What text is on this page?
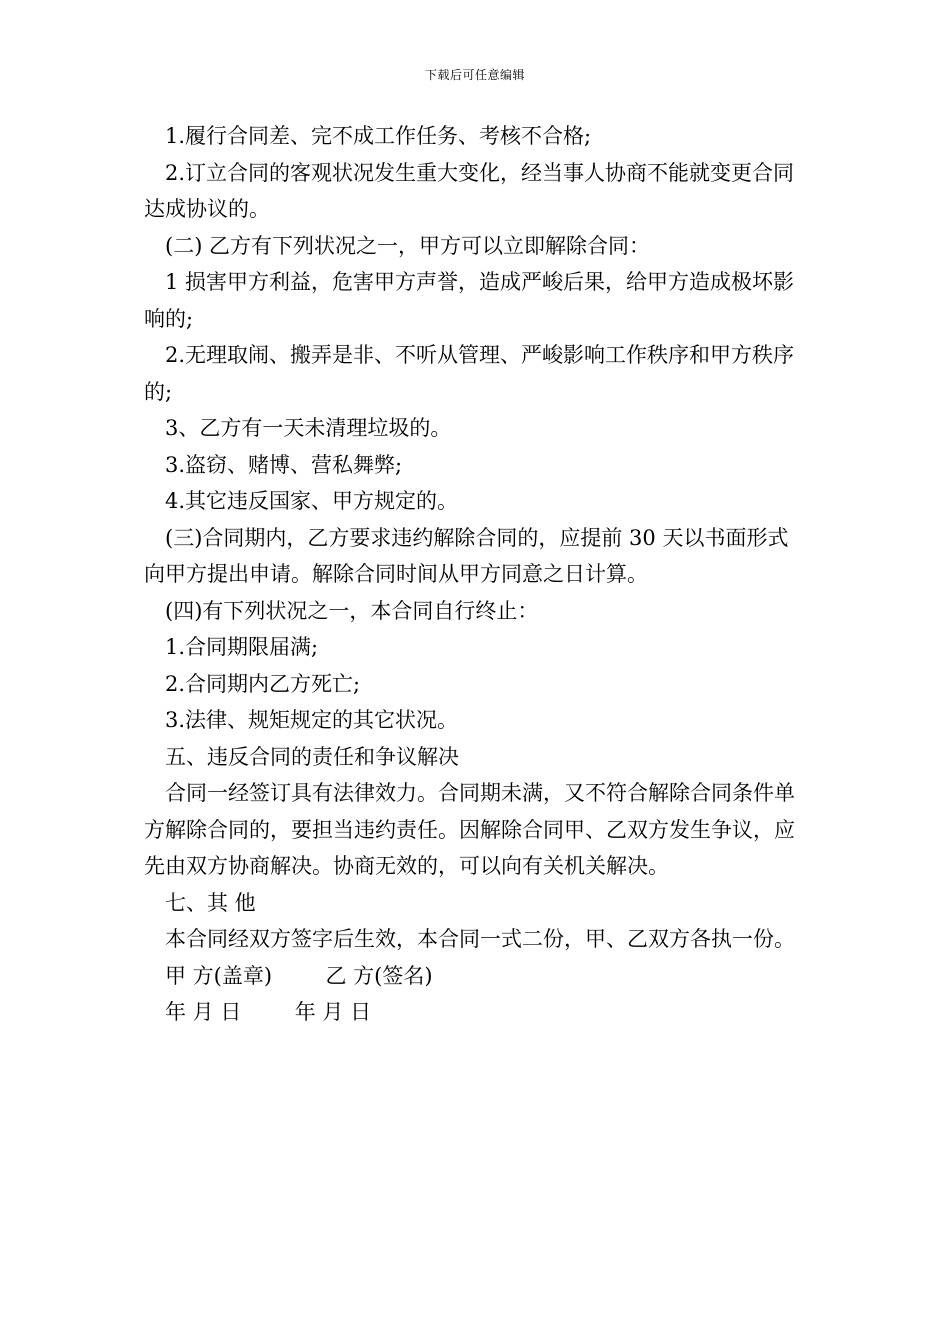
下载后可任意编辑

1.履行合同差、完不成工作任务、考核不合格;

2.订立合同的客观状况发生重大变化，经当事人协商不能就变更合同达成协议的。

(二) 乙方有下列状况之一，甲方可以立即解除合同：

1 损害甲方利益，危害甲方声誉，造成严峻后果，给甲方造成极坏影响的;

2.无理取闹、搬弄是非、不听从管理、严峻影响工作秩序和甲方秩序的;

3、乙方有一天未清理垃圾的。

3.盗窃、赌博、营私舞弊;

4.其它违反国家、甲方规定的。

(三)合同期内，乙方要求违约解除合同的，应提前 30 天以书面形式向甲方提出申请。解除合同时间从甲方同意之日计算。

(四)有下列状况之一，本合同自行终止：

1.合同期限届满;

2.合同期内乙方死亡;

3.法律、规矩规定的其它状况。

五、违反合同的责任和争议解决

合同一经签订具有法律效力。合同期未满，又不符合解除合同条件单方解除合同的，要担当违约责任。因解除合同甲、乙双方发生争议，应先由双方协商解决。协商无效的，可以向有关机关解决。

七、其 他

本合同经双方签字后生效，本合同一式二份，甲、乙双方各执一份。

甲 方(盖章)        乙 方(签名)

年 月 日        年 月 日
